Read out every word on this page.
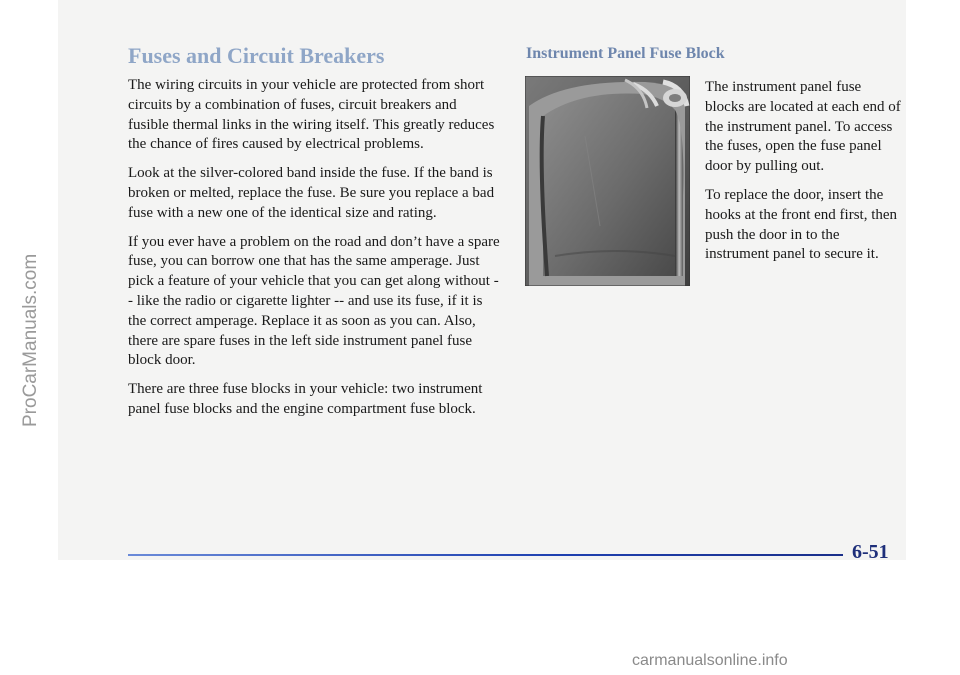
ProCarManuals.com
Fuses and Circuit Breakers

The wiring circuits in your vehicle are protected from short circuits by a combination of fuses, circuit breakers and fusible thermal links in the wiring itself. This greatly reduces the chance of fires caused by electrical problems.

Look at the silver-colored band inside the fuse. If the band is broken or melted, replace the fuse. Be sure you replace a bad fuse with a new one of the identical size and rating.

If you ever have a problem on the road and don’t have a spare fuse, you can borrow one that has the same amperage. Just pick a feature of your vehicle that you can get along without -- like the radio or cigarette lighter -- and use its fuse, if it is the correct amperage. Replace it as soon as you can. Also, there are spare fuses in the left side instrument panel fuse block door.

There are three fuse blocks in your vehicle: two instrument panel fuse blocks and the engine compartment fuse block.

Instrument Panel Fuse Block

The instrument panel fuse blocks are located at each end of the instrument panel. To access the fuses, open the fuse panel door by pulling out.

To replace the door, insert the hooks at the front end first, then push the door in to the instrument panel to secure it.

6-51
carmanualsonline.info
